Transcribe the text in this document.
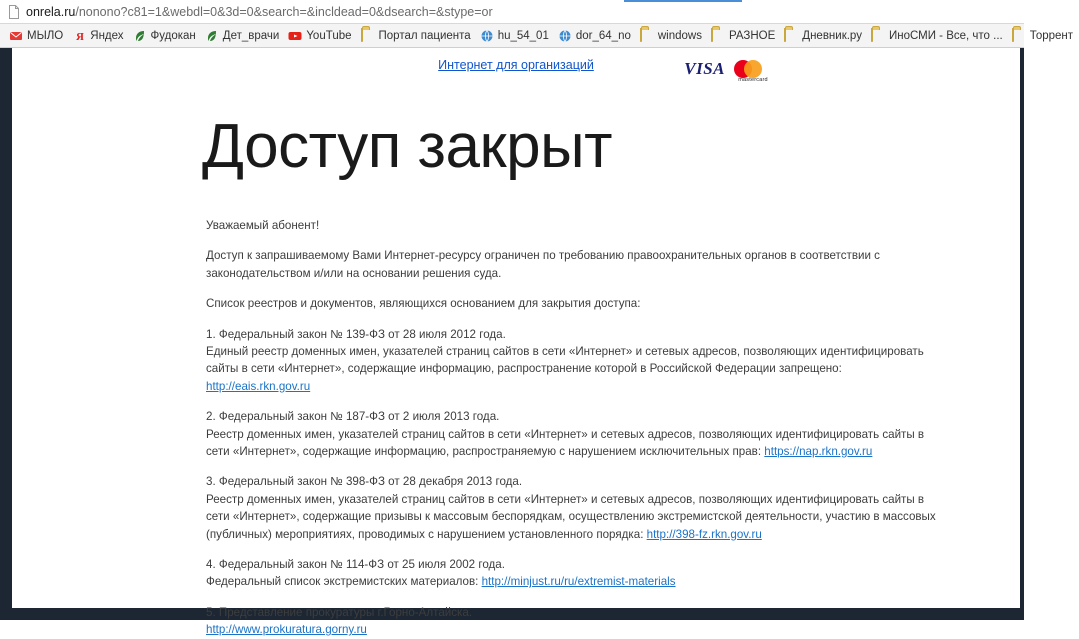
onrela.ru/nonono?c81=1&webdl=0&3d=0&search=&incldead=0&dsearch=&stype=or
МЫЛО Я Яндех Фудокан Дет_врачи YouTube Портал пациента hu_54_01 dor_64_no windows РАЗНОЕ Дневник.ру ИноСМИ - Все, что ... Торрент
Интернет для организаций	VISA
mastercard
Доступ закрыт

Уважаемый абонент!

Доступ к запрашиваемому Вами Интернет-ресурсу ограничен по требованию правоохранительных органов в соответствии с законодательством и/или на основании решения суда.

Список реестров и документов, являющихся основанием для закрытия доступа:

1. Федеральный закон № 139-ФЗ от 28 июля 2012 года.
Единый реестр доменных имен, указателей страниц сайтов в сети «Интернет» и сетевых адресов, позволяющих идентифицировать сайты в сети «Интернет», содержащие информацию, распространение которой в Российской Федерации запрещено: http://eais.rkn.gov.ru

2. Федеральный закон № 187-ФЗ от 2 июля 2013 года.
Реестр доменных имен, указателей страниц сайтов в сети «Интернет» и сетевых адресов, позволяющих идентифицировать сайты в сети «Интернет», содержащие информацию, распространяемую с нарушением исключительных прав: https://nap.rkn.gov.ru

3. Федеральный закон № 398-ФЗ от 28 декабря 2013 года.
Реестр доменных имен, указателей страниц сайтов в сети «Интернет» и сетевых адресов, позволяющих идентифицировать сайты в сети «Интернет», содержащие призывы к массовым беспорядкам, осуществлению экстремистской деятельности, участию в массовых (публичных) мероприятиях, проводимых с нарушением установленного порядка: http://398-fz.rkn.gov.ru

4. Федеральный закон № 114-ФЗ от 25 июля 2002 года.
Федеральный список экстремистских материалов: http://minjust.ru/ru/extremist-materials

5. Представление прокуратуры г.Горно-Алтайска.
http://www.prokuratura.gorny.ru
